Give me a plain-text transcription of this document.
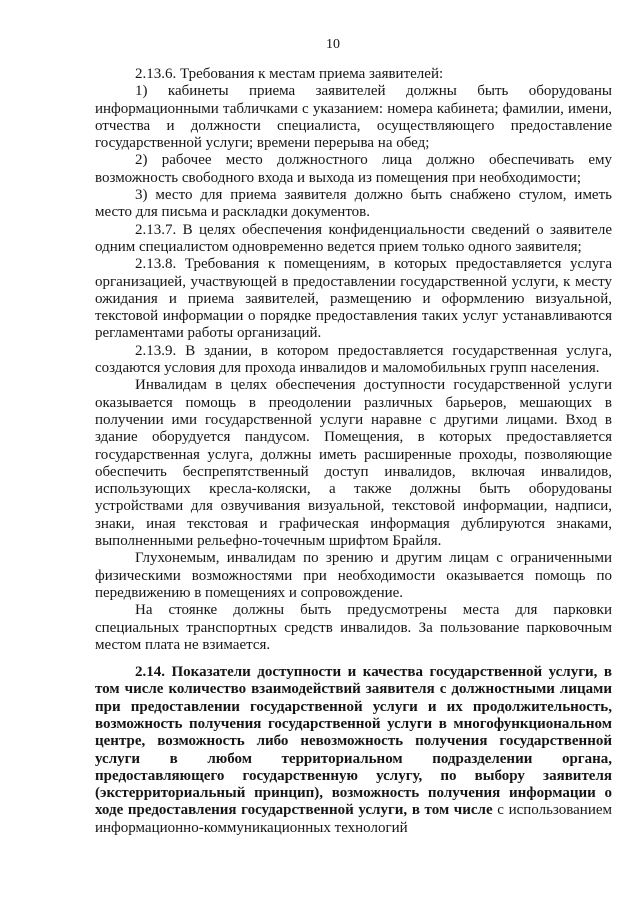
10
2.13.6. Требования к местам приема заявителей:
1) кабинеты приема заявителей должны быть оборудованы
информационными табличками с указанием: номера кабинета; фамилии, имени,
отчества и должности специалиста, осуществляющего предоставление
государственной услуги; времени перерыва на обед;
2) рабочее место должностного лица должно обеспечивать ему
возможность свободного входа и выхода из помещения при необходимости;
3) место для приема заявителя должно быть снабжено стулом, иметь
место для письма и раскладки документов.
2.13.7. В целях обеспечения конфиденциальности сведений о заявителе
одним специалистом одновременно ведется прием только одного заявителя;
2.13.8. Требования к помещениям, в которых предоставляется услуга
организацией, участвующей в предоставлении государственной услуги, к месту
ожидания и приема заявителей, размещению и оформлению визуальной,
текстовой информации о порядке предоставления таких услуг устанавливаются
регламентами работы организаций.
2.13.9. В здании, в котором предоставляется государственная услуга,
создаются условия для прохода инвалидов и маломобильных групп населения.
Инвалидам в целях обеспечения доступности государственной услуги
оказывается помощь в преодолении различных барьеров, мешающих в
получении ими государственной услуги наравне с другими лицами. Вход в
здание оборудуется пандусом. Помещения, в которых предоставляется
государственная услуга, должны иметь расширенные проходы, позволяющие
обеспечить беспрепятственный доступ инвалидов, включая инвалидов,
использующих кресла-коляски, а также должны быть оборудованы
устройствами для озвучивания визуальной, текстовой информации, надписи,
знаки, иная текстовая и графическая информация дублируются знаками,
выполненными рельефно-точечным шрифтом Брайля.
Глухонемым, инвалидам по зрению и другим лицам с ограниченными
физическими возможностями при необходимости оказывается помощь по
передвижению в помещениях и сопровождение.
На стоянке должны быть предусмотрены места для парковки
специальных транспортных средств инвалидов. За пользование парковочным
местом плата не взимается.
2.14. Показатели доступности и качества государственной услуги, в
том числе количество взаимодействий заявителя с должностными лицами
при предоставлении государственной услуги и их продолжительность,
возможность получения государственной услуги в многофункциональном
центре, возможность либо невозможность получения государственной
услуги в любом территориальном подразделении органа,
предоставляющего государственную услугу, по выбору заявителя
(экстерриториальный принцип), возможность получения информации о
ходе предоставления государственной услуги, в том числе с использованием
информационно-коммуникационных технологий
